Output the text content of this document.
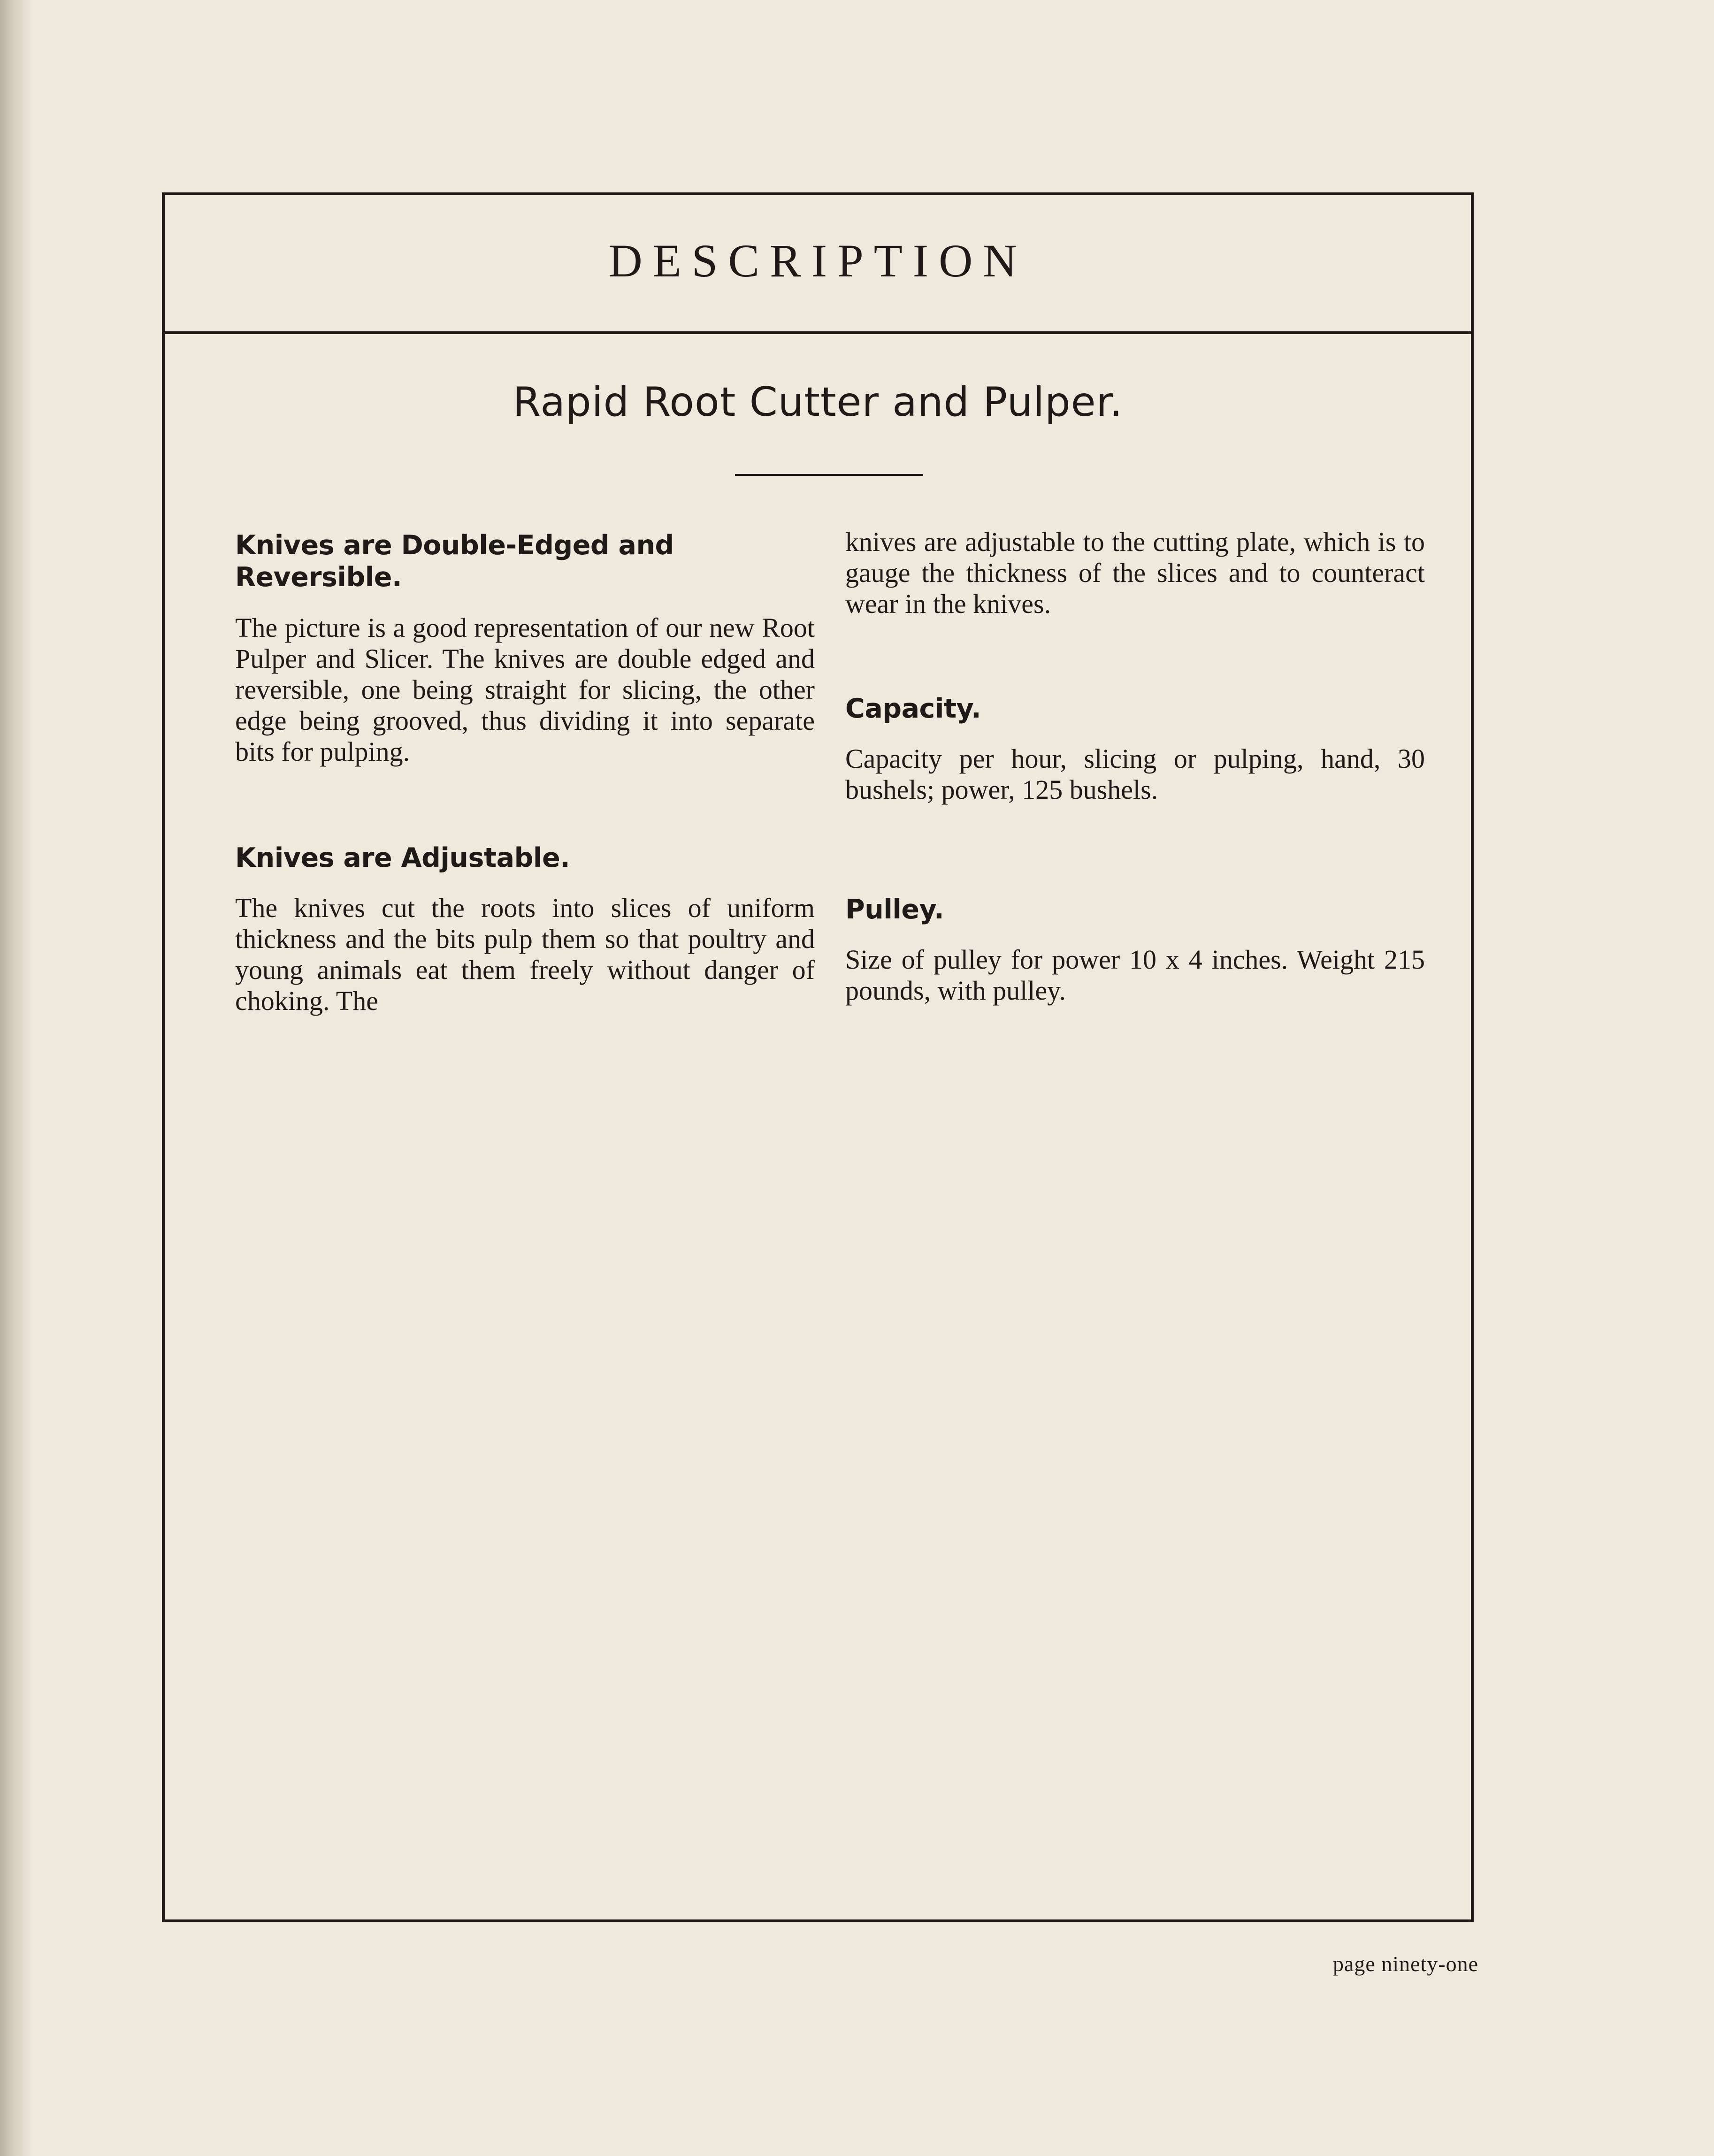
DESCRIPTION
Rapid Root Cutter and Pulper.
Knives are Double-Edged and Reversible.

The picture is a good representation of our new Root Pulper and Slicer. The knives are double edged and reversible, one being straight for slicing, the other edge being grooved, thus dividing it into separate bits for pulping.

Knives are Adjustable.

The knives cut the roots into slices of uniform thickness and the bits pulp them so that poultry and young animals eat them freely without danger of choking. The

knives are adjustable to the cutting plate, which is to gauge the thickness of the slices and to counteract wear in the knives.

Capacity.

Capacity per hour, slicing or pulping, hand, 30 bushels; power, 125 bushels.

Pulley.

Size of pulley for power 10 x 4 inches. Weight 215 pounds, with pulley.

page ninety-one
